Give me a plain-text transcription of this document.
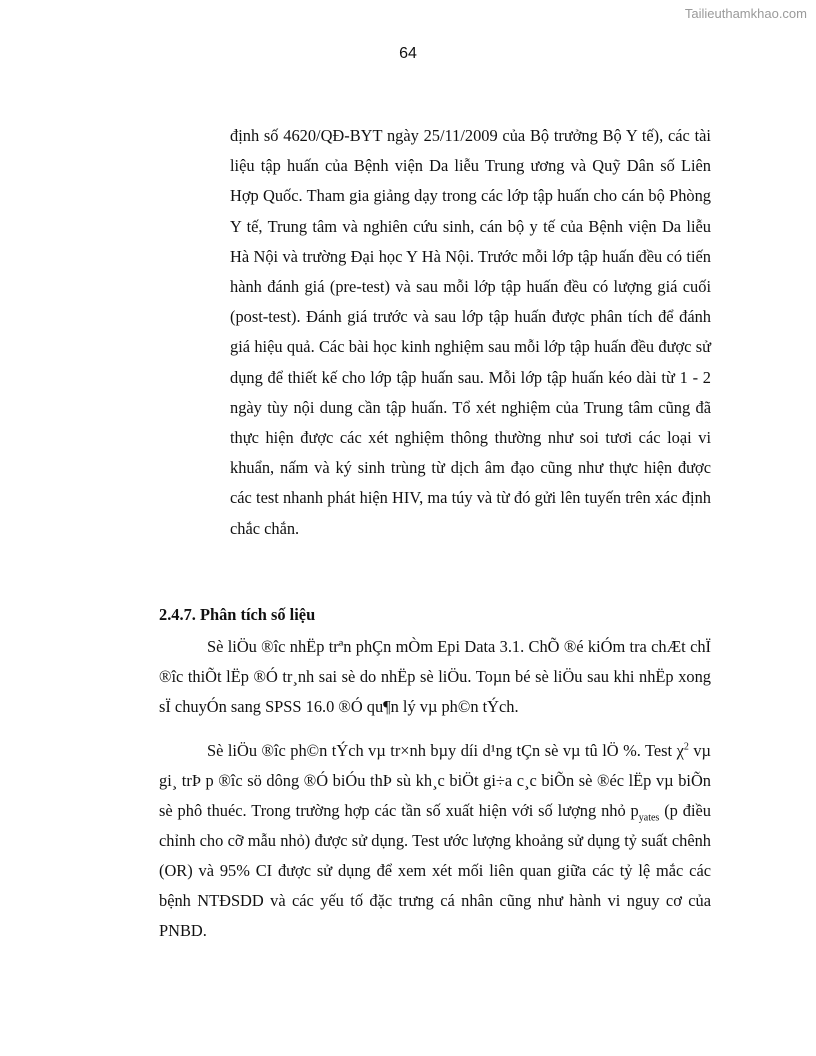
Tailieuthamkhao.com
64

định số 4620/QĐ-BYT ngày 25/11/2009 của Bộ trưởng Bộ Y tế), các tài liệu tập huấn của Bệnh viện Da liễu Trung ương và Quỹ Dân số Liên Hợp Quốc. Tham gia giảng dạy trong các lớp tập huấn cho cán bộ Phòng Y tế, Trung tâm và nghiên cứu sinh, cán bộ y tế của Bệnh viện Da liễu Hà Nội và trường Đại học Y Hà Nội. Trước mỗi lớp tập huấn đều có tiến hành đánh giá (pre-test) và sau mỗi lớp tập huấn đều có lượng giá cuối (post-test). Đánh giá trước và sau lớp tập huấn được phân tích để đánh giá hiệu quả. Các bài học kinh nghiệm sau mỗi lớp tập huấn đều được sử dụng để thiết kế cho lớp tập huấn sau. Mỗi lớp tập huấn kéo dài từ 1 - 2 ngày tùy nội dung cần tập huấn. Tổ xét nghiệm của Trung tâm cũng đã thực hiện được các xét nghiệm thông thường như soi tươi các loại vi khuẩn, nấm và ký sinh trùng từ dịch âm đạo cũng như thực hiện được các test nhanh phát hiện HIV, ma túy và từ đó gửi lên tuyến trên xác định chắc chắn.

2.4.7. Phân tích số liệu

Sè liÖu ®îc nhËp trªn phÇn mÒm Epi Data 3.1. ChÕ ®é kiÓm tra chÆt chÏ ®îc thiÕt lËp ®Ó tr¸nh sai sè do nhËp sè liÖu. Toµn bé sè liÖu sau khi nhËp xong sÏ chuyÓn sang SPSS 16.0 ®Ó qu¶n lý vµ ph©n tÝch.

Sè liÖu ®îc ph©n tÝch vµ tr×nh bµy díi d¹ng tÇn sè vµ tû lÖ %. Test $\chi^2$ vµ gi¸ trÞ p ®îc sö dông ®Ó biÓu thÞ sù kh¸c biÖt gi÷a c¸c biÕn sè ®éc lËp vµ biÕn sè phô thuéc. Trong trường hợp các tần số xuất hiện với số lượng nhỏ $p_{yates}$ (p điều chỉnh cho cỡ mẫu nhỏ) được sử dụng. Test ước lượng khoảng sử dụng tỷ suất chênh (OR) và 95% CI được sử dụng để xem xét mối liên quan giữa các tỷ lệ mắc các bệnh NTĐSDD và các yếu tố đặc trưng cá nhân cũng như hành vi nguy cơ của PNBD.
